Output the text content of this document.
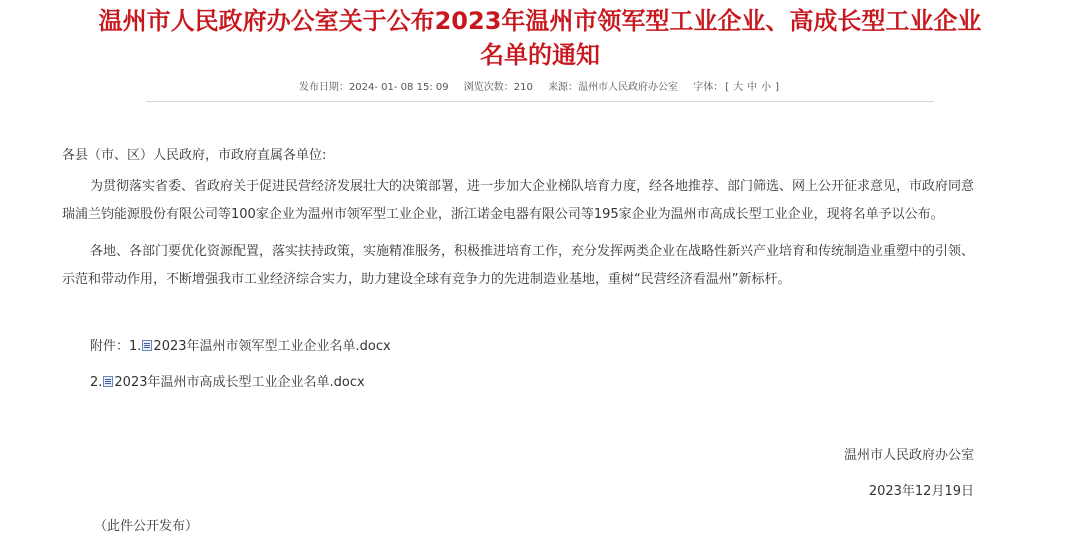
温州市人民政府办公室关于公布2023年温州市领军型工业企业、高成长型工业企业
名单的通知
发布日期：2024- 01- 08 15: 09 浏览次数：210 来源：温州市人民政府办公室 字体： [ 大 中 小 ]
各县（市、区）人民政府，市政府直属各单位:

为贯彻落实省委、省政府关于促进民营经济发展壮大的决策部署，进一步加大企业梯队培育力度，经各地推荐、部门筛选、网上公开征求意见，市政府同意瑞浦兰钧能源股份有限公司等100家企业为温州市领军型工业企业，浙江诺金电器有限公司等195家企业为温州市高成长型工业企业，现将名单予以公布。

各地、各部门要优化资源配置，落实扶持政策，实施精准服务，积极推进培育工作，充分发挥两类企业在战略性新兴产业培育和传统制造业重塑中的引领、示范和带动作用，不断增强我市工业经济综合实力，助力建设全球有竞争力的先进制造业基地，重树“民营经济看温州”新标杆。

附件：1. 2023年温州市领军型工业企业名单.docx
2. 2023年温州市高成长型工业企业名单.docx
温州市人民政府办公室
2023年12月19日
（此件公开发布）
